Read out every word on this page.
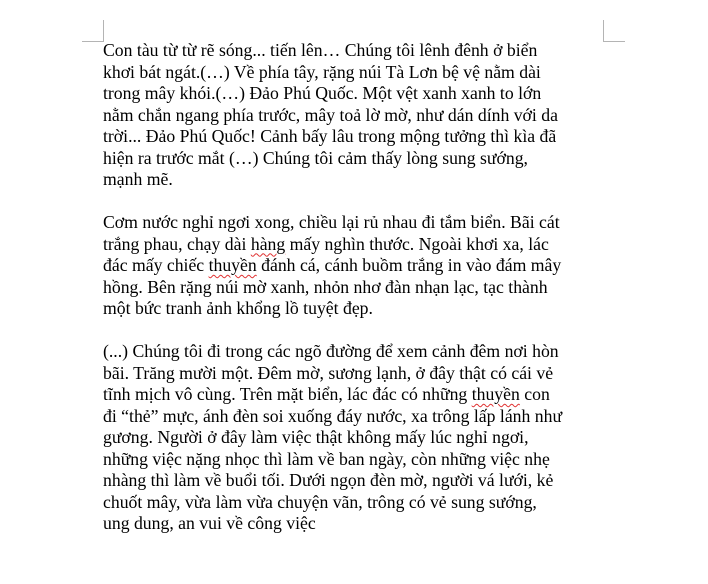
Con tàu từ từ rẽ sóng... tiến lên… Chúng tôi lênh đênh ở biển
khơi bát ngát.(…) Về phía tây, rặng núi Tà Lơn bệ vệ nằm dài
trong mây khói.(…) Đảo Phú Quốc. Một vệt xanh xanh to lớn
nằm chắn ngang phía trước, mây toả lờ mờ, như dán dính với da
trời... Đảo Phú Quốc! Cảnh bấy lâu trong mộng tưởng thì kìa đã
hiện ra trước mắt (…) Chúng tôi cảm thấy lòng sung sướng,
mạnh mẽ.
Cơm nước nghỉ ngơi xong, chiều lại rủ nhau đi tắm biển. Bãi cát
trắng phau, chạy dài hàng mấy nghìn thước. Ngoài khơi xa, lác
đác mấy chiếc thuyền đánh cá, cánh buồm trắng in vào đám mây
hồng. Bên rặng núi mờ xanh, nhỏn nhơ đàn nhạn lạc, tạc thành
một bức tranh ảnh khổng lồ tuyệt đẹp.
(...) Chúng tôi đi trong các ngõ đường để xem cảnh đêm nơi hòn
bãi. Trăng mười một. Đêm mờ, sương lạnh, ở đây thật có cái vẻ
tĩnh mịch vô cùng. Trên mặt biển, lác đác có những thuyền con
đi “thẻ” mực, ánh đèn soi xuống đáy nước, xa trông lấp lánh như
gương. Người ở đây làm việc thật không mấy lúc nghỉ ngơi,
những việc nặng nhọc thì làm về ban ngày, còn những việc nhẹ
nhàng thì làm về buổi tối. Dưới ngọn đèn mờ, người vá lưới, kẻ
chuốt mây, vừa làm vừa chuyện vãn, trông có vẻ sung sướng,
ung dung, an vui về công việc
